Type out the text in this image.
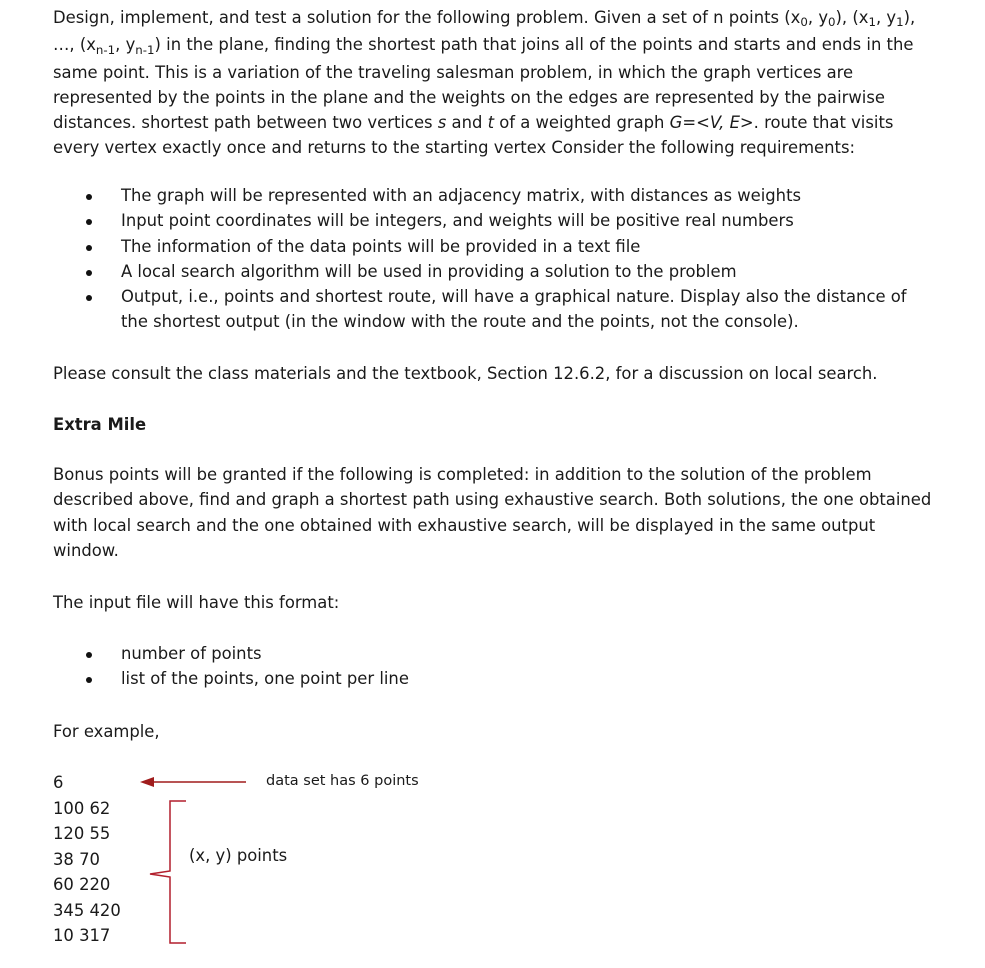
Design, implement, and test a solution for the following problem. Given a set of n points ($x_0$, $y_0$), ($x_1$, $y_1$), …, ($x_{n-1}$, $y_{n-1}$) in the plane, finding the shortest path that joins all of the points and starts and ends in the same point. This is a variation of the traveling salesman problem, in which the graph vertices are represented by the points in the plane and the weights on the edges are represented by the pairwise distances. shortest path between two vertices s and t of a weighted graph G=<V, E>. route that visits every vertex exactly once and returns to the starting vertex Consider the following requirements:

The graph will be represented with an adjacency matrix, with distances as weights
Input point coordinates will be integers, and weights will be positive real numbers
The information of the data points will be provided in a text file
A local search algorithm will be used in providing a solution to the problem
Output, i.e., points and shortest route, will have a graphical nature. Display also the distance of the shortest output (in the window with the route and the points, not the console).

Please consult the class materials and the textbook, Section 12.6.2, for a discussion on local search.

Extra Mile

Bonus points will be granted if the following is completed: in addition to the solution of the problem described above, find and graph a shortest path using exhaustive search. Both solutions, the one obtained with local search and the one obtained with exhaustive search, will be displayed in the same output window.

The input file will have this format:

number of points
list of the points, one point per line

For example,

6
100 62
120 55
38 70
60 220
345 420
10 317
data set has 6 points
(x, y) points
